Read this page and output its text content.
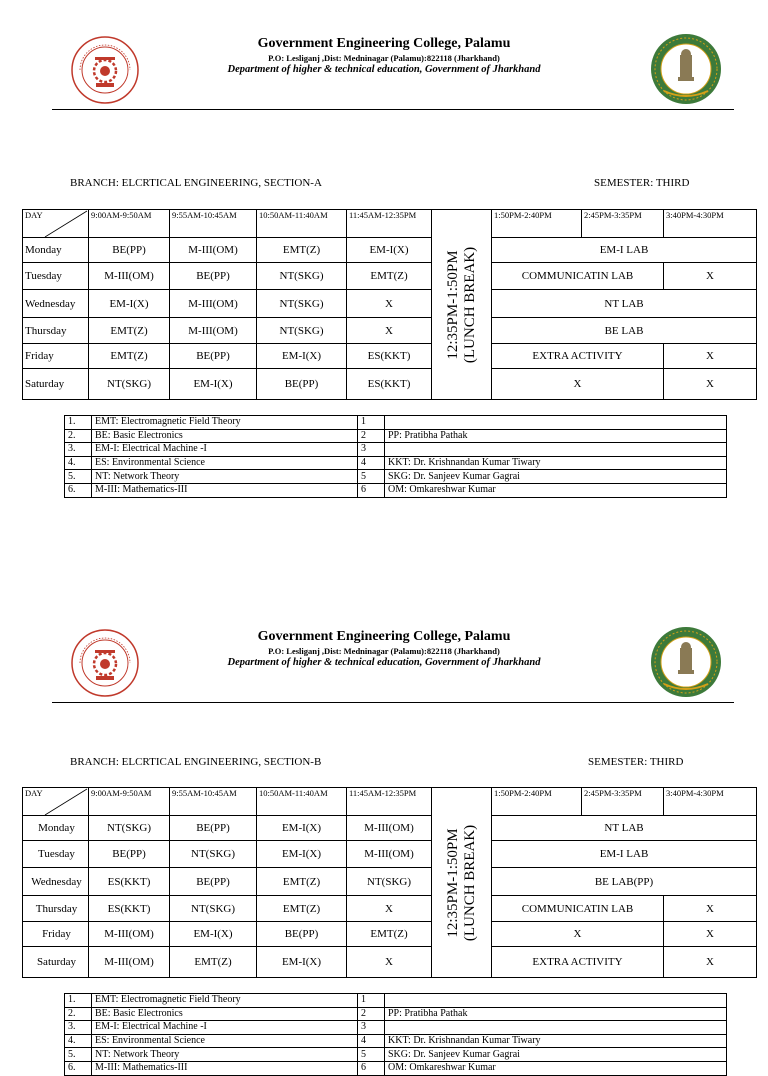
Government Engineering College, Palamu
P.O: Lesliganj ,Dist: Medninagar (Palamu):822118 (Jharkhand)
Department of higher & technical education, Government of Jharkhand
BRANCH: ELCRTICAL ENGINEERING, SECTION-A	SEMESTER: THIRD
DAY	9:00AM-9:50AM	9:55AM-10:45AM	10:50AM-11:40AM	11:45AM-12:35PM	12:35PM-1:50PM (LUNCH BREAK)	1:50PM-2:40PM	2:45PM-3:35PM	3:40PM-4:30PM
Monday	BE(PP)	M-III(OM)	EMT(Z)	EM-I(X)		EM-I LAB		
Tuesday	M-III(OM)	BE(PP)	NT(SKG)	EMT(Z)		COMMUNICATIN LAB		X
Wednesday	EM-I(X)	M-III(OM)	NT(SKG)	X		NT LAB		
Thursday	EMT(Z)	M-III(OM)	NT(SKG)	X		BE LAB		
Friday	EMT(Z)	BE(PP)	EM-I(X)	ES(KKT)		EXTRA ACTIVITY		X
Saturday	NT(SKG)	EM-I(X)	BE(PP)	ES(KKT)		X		X
1.	EMT: Electromagnetic Field Theory	1	
2.	BE: Basic Electronics	2	PP: Pratibha Pathak
3.	EM-I: Electrical Machine -I	3	
4.	ES: Environmental Science	4	KKT: Dr. Krishnandan Kumar Tiwary
5.	NT: Network Theory	5	SKG: Dr. Sanjeev Kumar Gagrai
6.	M-III: Mathematics-III	6	OM: Omkareshwar Kumar
Government Engineering College, Palamu
P.O: Lesliganj ,Dist: Medninagar (Palamu):822118 (Jharkhand)
Department of higher & technical education, Government of Jharkhand
BRANCH: ELCRTICAL ENGINEERING, SECTION-B	SEMESTER: THIRD
DAY	9:00AM-9:50AM	9:55AM-10:45AM	10:50AM-11:40AM	11:45AM-12:35PM	12:35PM-1:50PM (LUNCH BREAK)	1:50PM-2:40PM	2:45PM-3:35PM	3:40PM-4:30PM
Monday	NT(SKG)	BE(PP)	EM-I(X)	M-III(OM)		NT LAB		
Tuesday	BE(PP)	NT(SKG)	EM-I(X)	M-III(OM)		EM-I LAB		
Wednesday	ES(KKT)	BE(PP)	EMT(Z)	NT(SKG)		BE LAB(PP)		
Thursday	ES(KKT)	NT(SKG)	EMT(Z)	X		COMMUNICATIN LAB		X
Friday	M-III(OM)	EM-I(X)	BE(PP)	EMT(Z)		X		X
Saturday	M-III(OM)	EMT(Z)	EM-I(X)	X		EXTRA ACTIVITY		X
1.	EMT: Electromagnetic Field Theory	1	
2.	BE: Basic Electronics	2	PP: Pratibha Pathak
3.	EM-I: Electrical Machine -I	3	
4.	ES: Environmental Science	4	KKT: Dr. Krishnandan Kumar Tiwary
5.	NT: Network Theory	5	SKG: Dr. Sanjeev Kumar Gagrai
6.	M-III: Mathematics-III	6	OM: Omkareshwar Kumar
